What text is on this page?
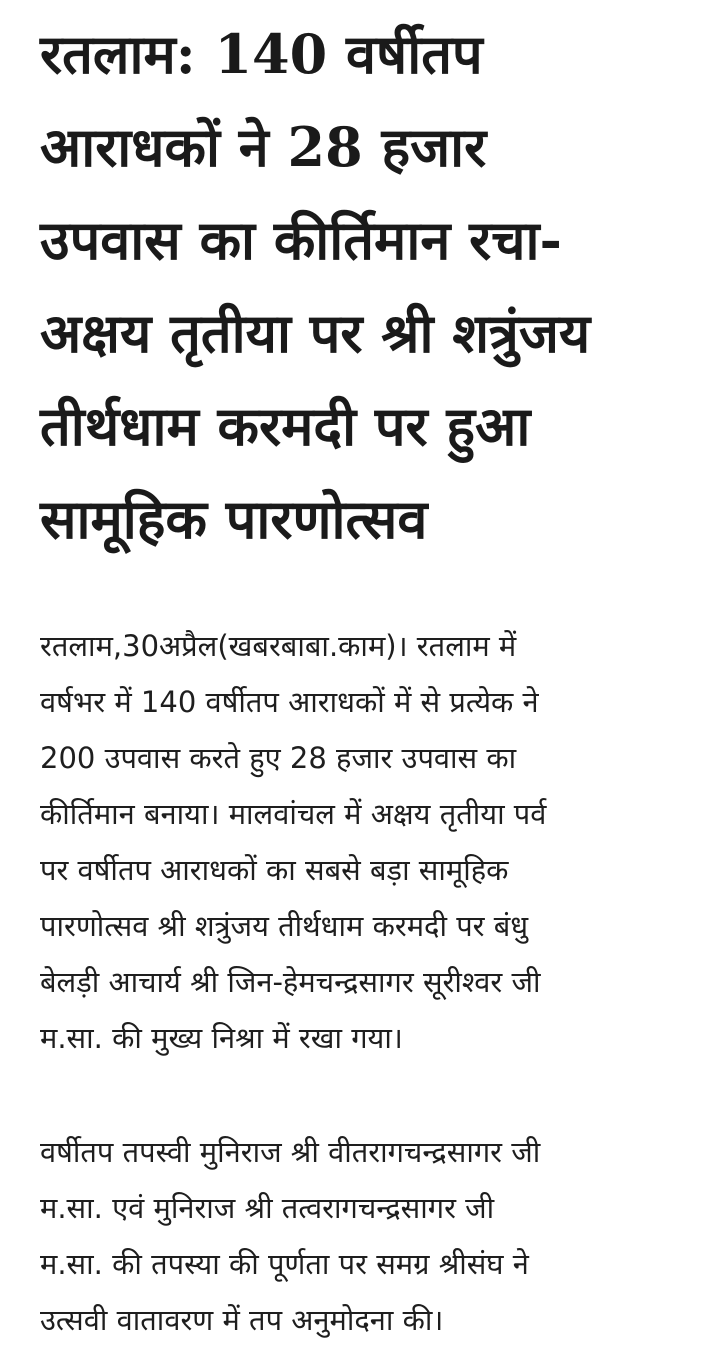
रतलाम: 140 वर्षीतप
आराधकों ने 28 हजार
उपवास का कीर्तिमान रचा-
अक्षय तृतीया पर श्री शत्रुंजय
तीर्थधाम करमदी पर हुआ
सामूहिक पारणोत्सव

रतलाम,30अप्रैल(खबरबाबा.काम)। रतलाम में
वर्षभर में 140 वर्षीतप आराधकों में से प्रत्येक ने
200 उपवास करते हुए 28 हजार उपवास का
कीर्तिमान बनाया। मालवांचल में अक्षय तृतीया पर्व
पर वर्षीतप आराधकों का सबसे बड़ा सामूहिक
पारणोत्सव श्री शत्रुंजय तीर्थधाम करमदी पर बंधु
बेलड़ी आचार्य श्री जिन-हेमचन्द्रसागर सूरीश्वर जी
म.सा. की मुख्य निश्रा में रखा गया।

वर्षीतप तपस्वी मुनिराज श्री वीतरागचन्द्रसागर जी
म.सा. एवं मुनिराज श्री तत्वरागचन्द्रसागर जी
म.सा. की तपस्या की पूर्णता पर समग्र श्रीसंघ ने
उत्सवी वातावरण में तप अनुमोदना की।
